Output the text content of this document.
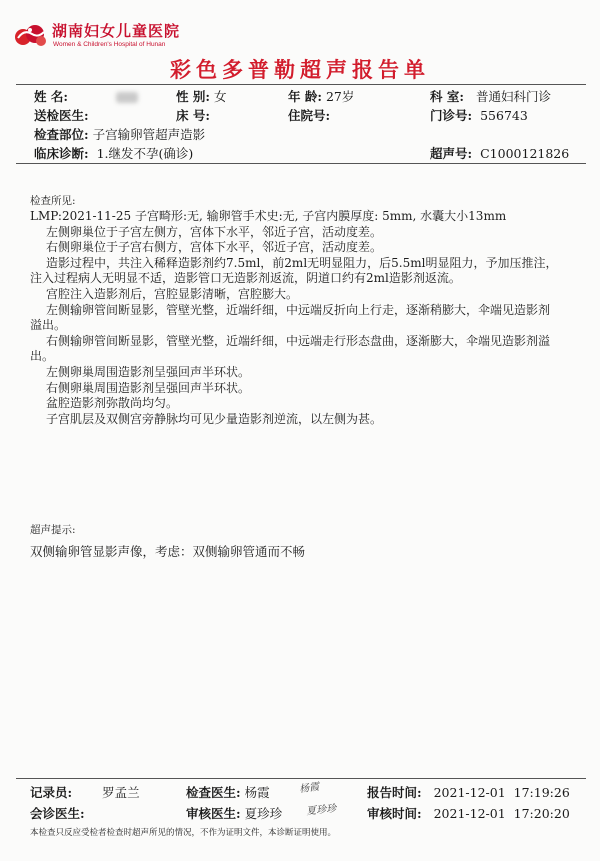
湖南妇女儿童医院
Women & Children's Hospital of Hunan
彩色多普勒超声报告单
姓 名:	性 别: 女	年 龄: 27岁	科 室: 普通妇科门诊
送检医生:	床 号:	住院号:	门诊号: 556743
检查部位: 子宫输卵管超声造影
临床诊断: 1.继发不孕(确诊)	超声号: C1000121826
检查所见:

LMP:2021-11-25 子宫畸形:无, 输卵管手术史:无, 子宫内膜厚度: 5mm, 水囊大小13mm

左侧卵巢位于子宫左侧方，宫体下水平，邻近子宫，活动度差。

右侧卵巢位于子宫右侧方，宫体下水平，邻近子宫，活动度差。

造影过程中，共注入稀释造影剂约7.5ml，前2ml无明显阻力，后5.5ml明显阻力，予加压推注，注入过程病人无明显不适，造影管口无造影剂返流，阴道口约有2ml造影剂返流。

宫腔注入造影剂后，宫腔显影清晰，宫腔膨大。

左侧输卵管间断显影，管壁光整，近端纤细，中远端反折向上行走，逐渐稍膨大，伞端见造影剂溢出。

右侧输卵管间断显影，管壁光整，近端纤细，中远端走行形态盘曲，逐渐膨大，伞端见造影剂溢出。

左侧卵巢周围造影剂呈强回声半环状。

右侧卵巢周围造影剂呈强回声半环状。

盆腔造影剂弥散尚均匀。

子宫肌层及双侧宫旁静脉均可见少量造影剂逆流，以左侧为甚。

超声提示:
双侧输卵管显影声像，考虑：双侧输卵管通而不畅
记录员: 罗孟兰	检查医生: 杨霞	杨霞	报告时间: 2021-12-01  17:19:26
会诊医生:	审核医生: 夏珍珍 夏珍珍 审核时间: 2021-12-01  17:20:20
本检查只反应受检者检查时超声所见的情况，不作为证明文件，本诊断证明使用。
